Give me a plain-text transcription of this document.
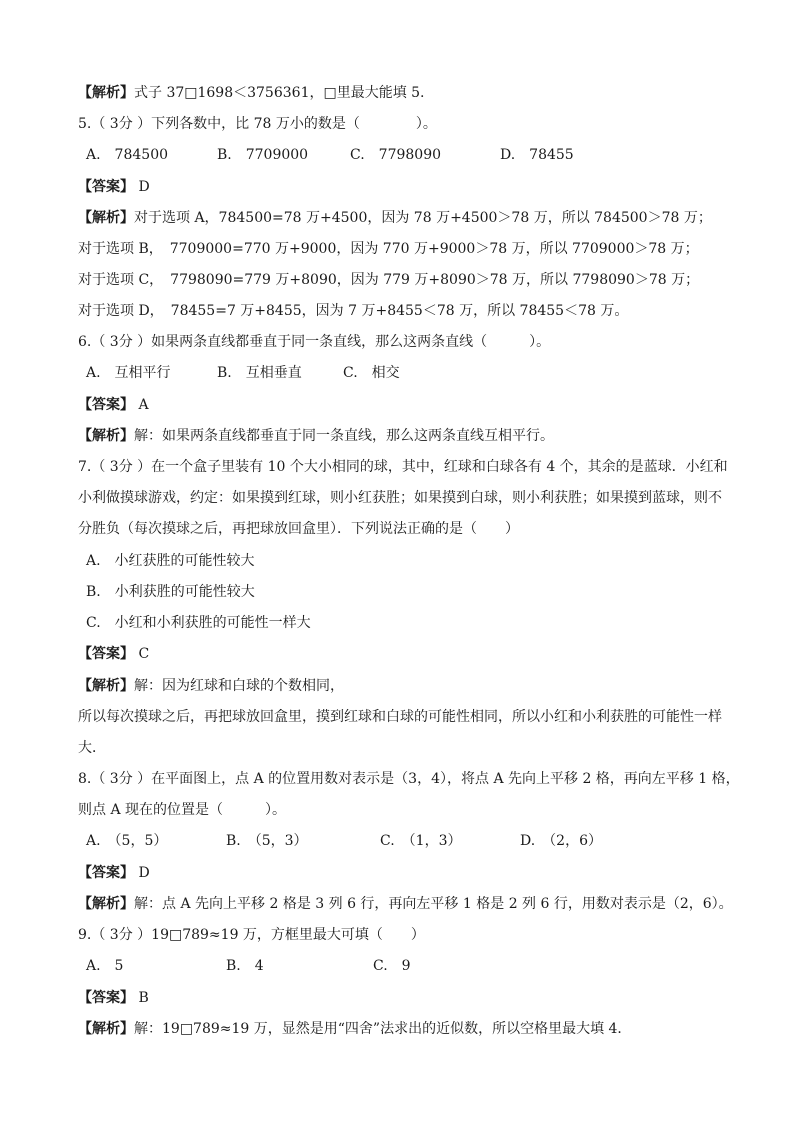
【解析】式子 37□1698＜3756361，□里最大能填 5.
5.（ 3分 ）下列各数中，比 78 万小的数是（　　　　）。
A.　784500	B.　7709000	C.　7798090	D.　78455
【答案】 D
【解析】对于选项 A，784500=78 万+4500，因为 78 万+4500＞78 万，所以 784500＞78 万；
对于选项 B，　7709000=770 万+9000，因为 770 万+9000＞78 万，所以 7709000＞78 万；
对于选项 C，　7798090=779 万+8090，因为 779 万+8090＞78 万，所以 7798090＞78 万；
对于选项 D，　78455=7 万+8455，因为 7 万+8455＜78 万，所以 78455＜78 万。
6.（ 3分 ）如果两条直线都垂直于同一条直线，那么这两条直线（　　　）。
A.　互相平行	B.　互相垂直	C.　相交
【答案】 A
【解析】解：如果两条直线都垂直于同一条直线，那么这两条直线互相平行。
7.（ 3分 ）在一个盒子里装有 10 个大小相同的球，其中，红球和白球各有 4 个，其余的是蓝球．小红和
小利做摸球游戏，约定：如果摸到红球，则小红获胜；如果摸到白球，则小利获胜；如果摸到蓝球，则不
分胜负（每次摸球之后，再把球放回盒里）．下列说法正确的是（　　）
A.　小红获胜的可能性较大
B.　小利获胜的可能性较大
C.　小红和小利获胜的可能性一样大
【答案】 C
【解析】解：因为红球和白球的个数相同，
所以每次摸球之后，再把球放回盒里，摸到红球和白球的可能性相同，所以小红和小利获胜的可能性一样
大．
8.（ 3分 ）在平面图上，点 A 的位置用数对表示是（3，4），将点 A 先向上平移 2 格，再向左平移 1 格，
则点 A 现在的位置是（　　　）。
A.　（5，5）	B.　（5，3）	C.　（1，3）	D.　（2，6）
【答案】 D
【解析】解：点 A 先向上平移 2 格是 3 列 6 行，再向左平移 1 格是 2 列 6 行，用数对表示是（2，6）。
9.（ 3分 ）19□789≈19 万，方框里最大可填（　　）
A.　5	B.　4	C.　9
【答案】 B
【解析】解：19□789≈19 万，显然是用“四舍”法求出的近似数，所以空格里最大填 4．
